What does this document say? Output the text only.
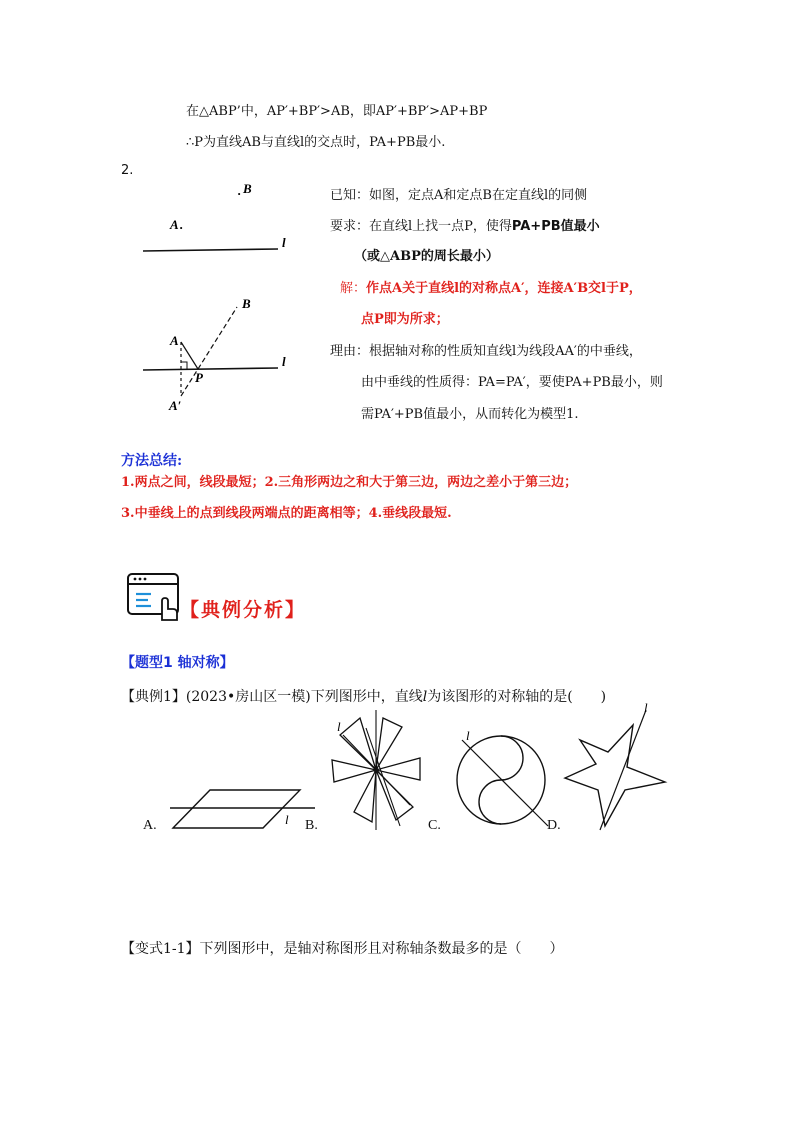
在△ABP’中，AP′+BP′>AB，即AP′+BP′>AP+BP
∴P为直线AB与直线l的交点时，PA+PB最小.
2.
. B
A .
l
B
A
P
l
A′
已知：如图，定点A和定点B在定直线l的同侧
要求：在直线l上找一点P，使得PA+PB值最小
（或△ABP的周长最小）
解：作点A关于直线l的对称点A′，连接A′B交l于P，
点P即为所求；
理由：根据轴对称的性质知直线l为线段AA′的中垂线，
由中垂线的性质得：PA=PA′，要使PA+PB最小，则
需PA′+PB值最小，从而转化为模型1.
方法总结:
1.两点之间，线段最短；2.三角形两边之和大于第三边，两边之差小于第三边；
3.中垂线上的点到线段两端点的距离相等；4.垂线段最短.
【典例分析】
【题型1 轴对称】
【典例1】(2023•房山区一模)下列图形中，直线l为该图形的对称轴的是(　　)
l
l
l
l
A.	B.	C.	D.
【变式1-1】下列图形中，是轴对称图形且对称轴条数最多的是（　　）
